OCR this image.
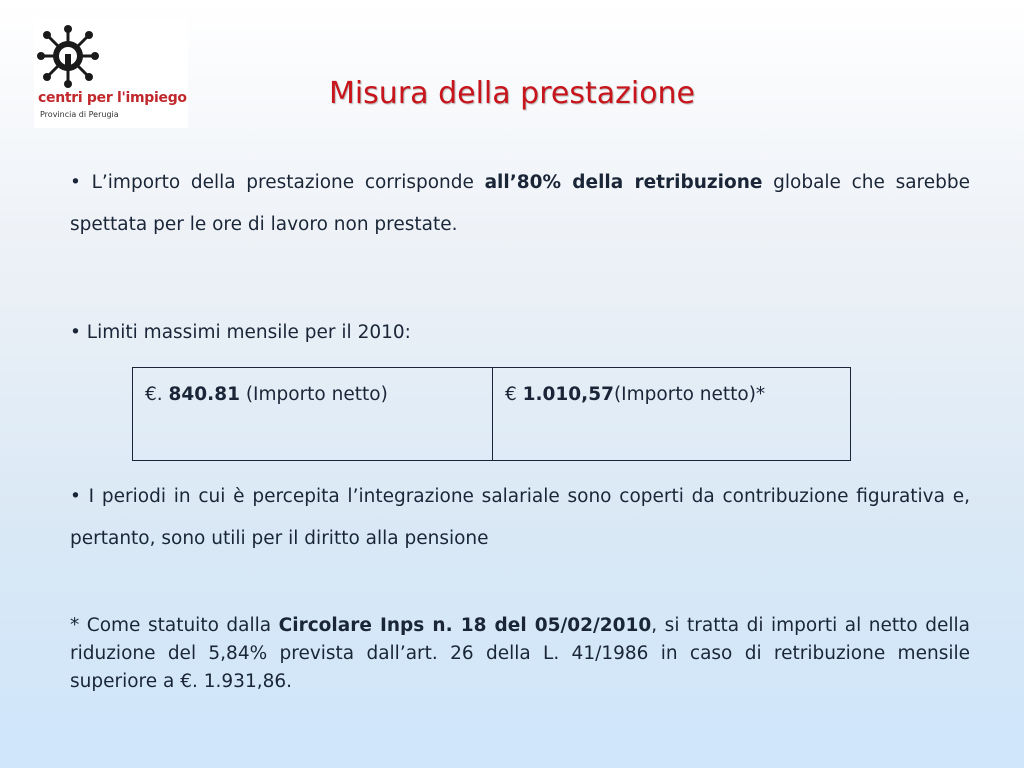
centri per l'impiego
Provincia di Perugia
Misura della prestazione

• L’importo della prestazione corrisponde all’80% della retribuzione globale che sarebbe spettata per le ore di lavoro non prestate.

• Limiti massimi mensile per il 2010:

€. 840.81 (Importo netto)	€ 1.010,57(Importo netto)*

• I periodi in cui è percepita l’integrazione salariale sono coperti da contribuzione figurativa e, pertanto, sono utili per il diritto alla pensione

* Come statuito dalla Circolare Inps n. 18 del 05/02/2010, si tratta di importi al netto della riduzione del 5,84% prevista dall’art. 26 della L. 41/1986 in caso di retribuzione mensile superiore a €. 1.931,86.
